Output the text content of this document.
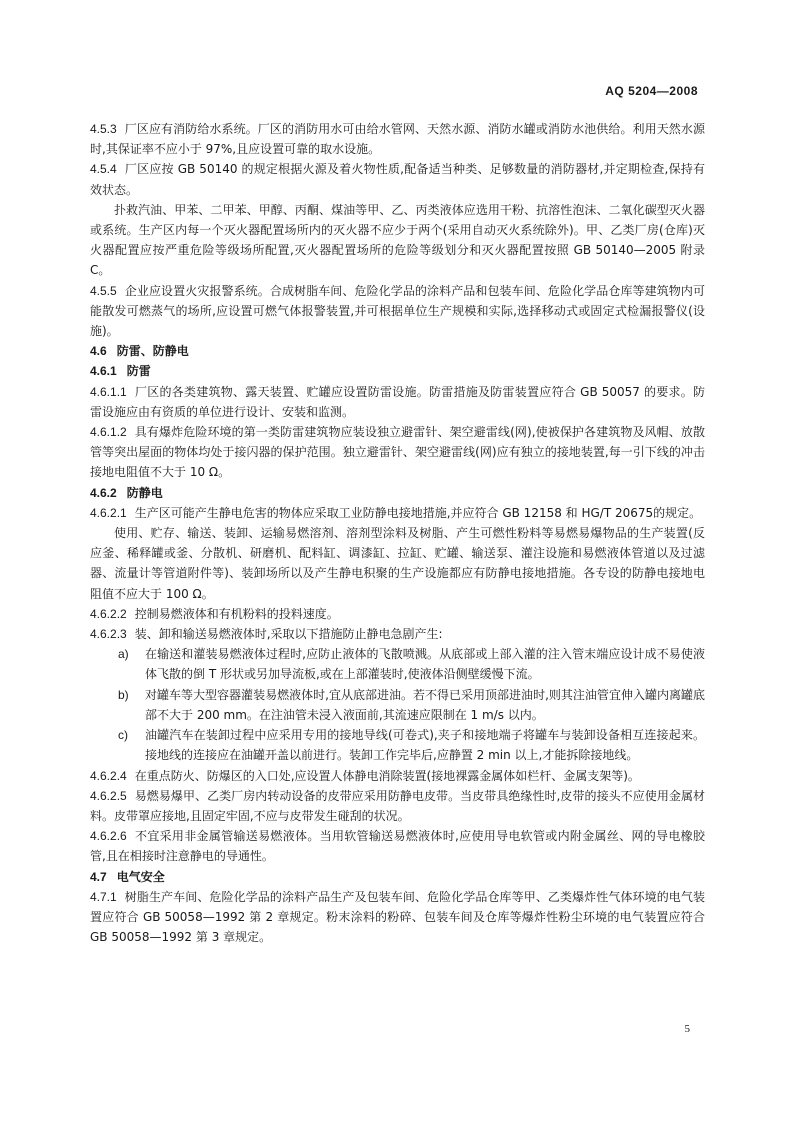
AQ 5204—2008

4.5.3 厂区应有消防给水系统。厂区的消防用水可由给水管网、天然水源、消防水罐或消防水池供给。利用天然水源时,其保证率不应小于 97%,且应设置可靠的取水设施。

4.5.4 厂区应按 GB 50140 的规定根据火源及着火物性质,配备适当种类、足够数量的消防器材,并定期检查,保持有效状态。

扑救汽油、甲苯、二甲苯、甲醇、丙酮、煤油等甲、乙、丙类液体应选用干粉、抗溶性泡沫、二氧化碳型灭火器或系统。生产区内每一个灭火器配置场所内的灭火器不应少于两个(采用自动灭火系统除外)。甲、乙类厂房(仓库)灭火器配置应按严重危险等级场所配置,灭火器配置场所的危险等级划分和灭火器配置按照 GB 50140—2005 附录 C。

4.5.5 企业应设置火灾报警系统。合成树脂车间、危险化学品的涂料产品和包装车间、危险化学品仓库等建筑物内可能散发可燃蒸气的场所,应设置可燃气体报警装置,并可根据单位生产规模和实际,选择移动式或固定式检漏报警仪(设施)。

4.6 防雷、防静电

4.6.1 防雷

4.6.1.1 厂区的各类建筑物、露天装置、贮罐应设置防雷设施。防雷措施及防雷装置应符合 GB 50057 的要求。防雷设施应由有资质的单位进行设计、安装和监测。

4.6.1.2 具有爆炸危险环境的第一类防雷建筑物应装设独立避雷针、架空避雷线(网),使被保护各建筑物及风帽、放散管等突出屋面的物体均处于接闪器的保护范围。独立避雷针、架空避雷线(网)应有独立的接地装置,每一引下线的冲击接地电阻值不大于 10 Ω。

4.6.2 防静电

4.6.2.1 生产区可能产生静电危害的物体应采取工业防静电接地措施,并应符合 GB 12158 和 HG/T 20675的规定。

使用、贮存、输送、装卸、运输易燃溶剂、溶剂型涂料及树脂、产生可燃性粉料等易燃易爆物品的生产装置(反应釜、稀释罐或釜、分散机、研磨机、配料缸、调漆缸、拉缸、贮罐、输送泵、灌注设施和易燃液体管道以及过滤器、流量计等管道附件等)、装卸场所以及产生静电积聚的生产设施都应有防静电接地措施。各专设的防静电接地电阻值不应大于 100 Ω。

4.6.2.2 控制易燃液体和有机粉料的投料速度。

4.6.2.3 装、卸和输送易燃液体时,采取以下措施防止静电急剧产生:

a) 在输送和灌装易燃液体过程时,应防止液体的飞散喷溅。从底部或上部入灌的注入管末端应设计成不易使液体飞散的倒 T 形状或另加导流板,或在上部灌装时,使液体沿侧壁缓慢下流。

b) 对罐车等大型容器灌装易燃液体时,宜从底部进油。若不得已采用顶部进油时,则其注油管宜伸入罐内离罐底部不大于 200 mm。在注油管未浸入液面前,其流速应限制在 1 m/s 以内。

c) 油罐汽车在装卸过程中应采用专用的接地导线(可卷式),夹子和接地端子将罐车与装卸设备相互连接起来。接地线的连接应在油罐开盖以前进行。装卸工作完毕后,应静置 2 min 以上,才能拆除接地线。

4.6.2.4 在重点防火、防爆区的入口处,应设置人体静电消除装置(接地裸露金属体如栏杆、金属支架等)。

4.6.2.5 易燃易爆甲、乙类厂房内转动设备的皮带应采用防静电皮带。当皮带具绝缘性时,皮带的接头不应使用金属材料。皮带罩应接地,且固定牢固,不应与皮带发生碰刮的状况。

4.6.2.6 不宜采用非金属管输送易燃液体。当用软管输送易燃液体时,应使用导电软管或内附金属丝、网的导电橡胶管,且在相接时注意静电的导通性。

4.7 电气安全

4.7.1 树脂生产车间、危险化学品的涂料产品生产及包装车间、危险化学品仓库等甲、乙类爆炸性气体环境的电气装置应符合 GB 50058—1992 第 2 章规定。粉末涂料的粉碎、包装车间及仓库等爆炸性粉尘环境的电气装置应符合 GB 50058—1992 第 3 章规定。

5
